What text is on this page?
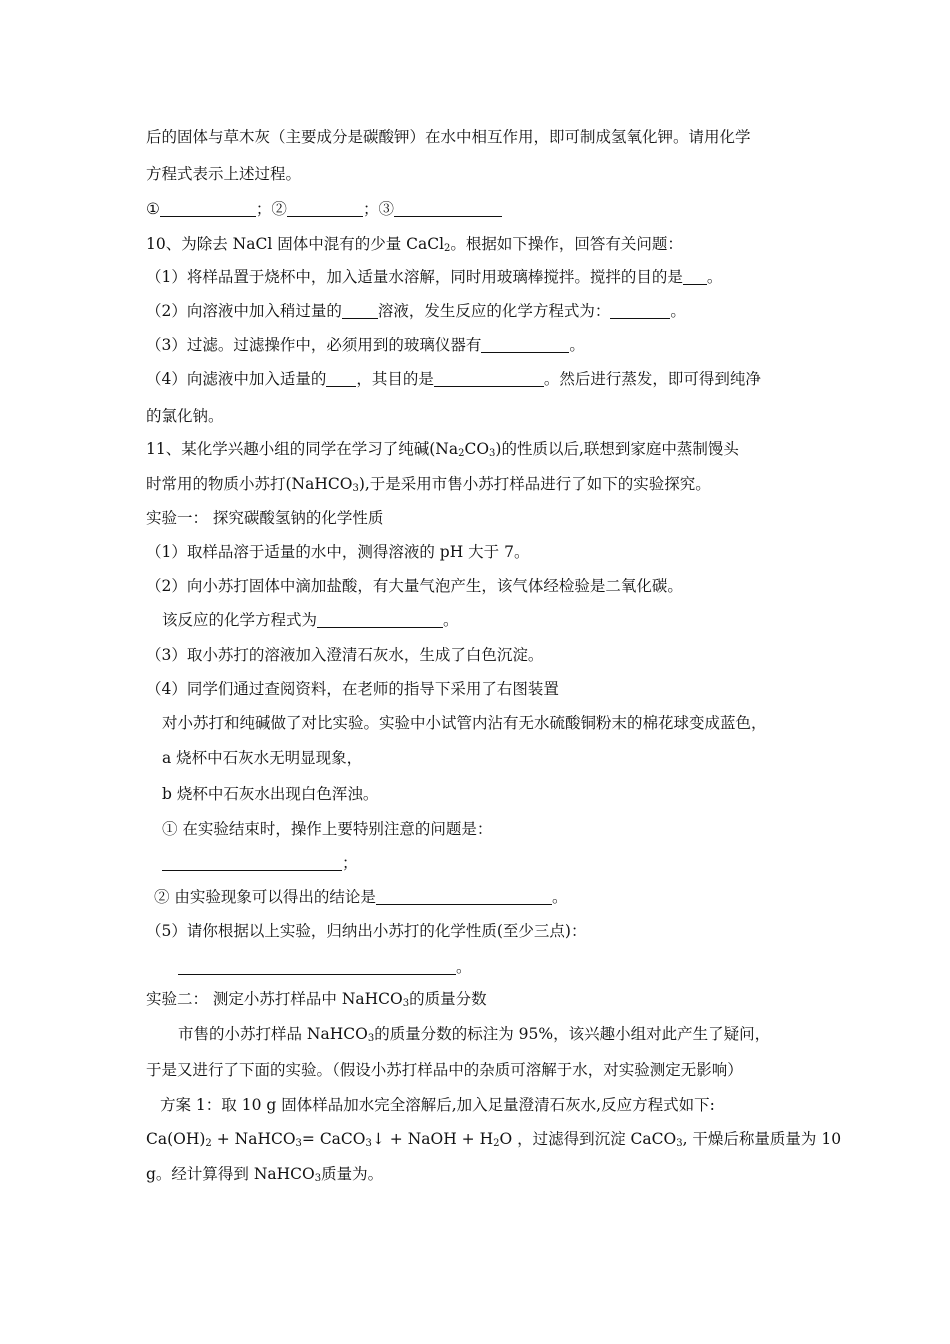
后的固体与草木灰（主要成分是碳酸钾）在水中相互作用，即可制成氢氧化钾。请用化学
方程式表示上述过程。
①	；②	；③
10、为除去 NaCl 固体中混有的少量 CaCl$_2$。根据如下操作，回答有关问题：
（1）将样品置于烧杯中，加入适量水溶解，同时用玻璃棒搅拌。搅拌的目的是 。
（2）向溶液中加入稍过量的 溶液，发生反应的化学方程式为：	。
（3）过滤。过滤操作中，必须用到的玻璃仪器有	。
（4）向滤液中加入适量的 ，其目的是	。然后进行蒸发，即可得到纯净
的氯化钠。
11、某化学兴趣小组的同学在学习了纯碱$(Na_2CO_3)$的性质以后,联想到家庭中蒸制馒头
时常用的物质小苏打(NaHCO$_3$),于是采用市售小苏打样品进行了如下的实验探究。
实验一： 探究碳酸氢钠的化学性质
（1）取样品溶于适量的水中，测得溶液的 pH 大于 7。
（2）向小苏打固体中滴加盐酸，有大量气泡产生，该气体经检验是二氧化碳。
该反应的化学方程式为	。
（3）取小苏打的溶液加入澄清石灰水，生成了白色沉淀。
（4）同学们通过查阅资料，在老师的指导下采用了右图装置
对小苏打和纯碱做了对比实验。实验中小试管内沾有无水硫酸铜粉末的棉花球变成蓝色，
a 烧杯中石灰水无明显现象，
b 烧杯中石灰水出现白色浑浊。
① 在实验结束时，操作上要特别注意的问题是：
；
② 由实验现象可以得出的结论是	。
（5）请你根据以上实验，归纳出小苏打的化学性质(至少三点)：
。
实验二： 测定小苏打样品中 NaHCO$_3$的质量分数
市售的小苏打样品 NaHCO$_3$的质量分数的标注为 95%，该兴趣小组对此产生了疑问，
于是又进行了下面的实验。（假设小苏打样品中的杂质可溶解于水，对实验测定无影响）
方案 1：取 10 g 固体样品加水完全溶解后,加入足量澄清石灰水,反应方程式如下:
$Ca(OH)_2$ + NaHCO$_3$= CaCO$_3$↓ + NaOH + $H_2O$ ，过滤得到沉淀 CaCO$_3$, 干燥后称量质量为 10
g。经计算得到 NaHCO$_3$质量为。
